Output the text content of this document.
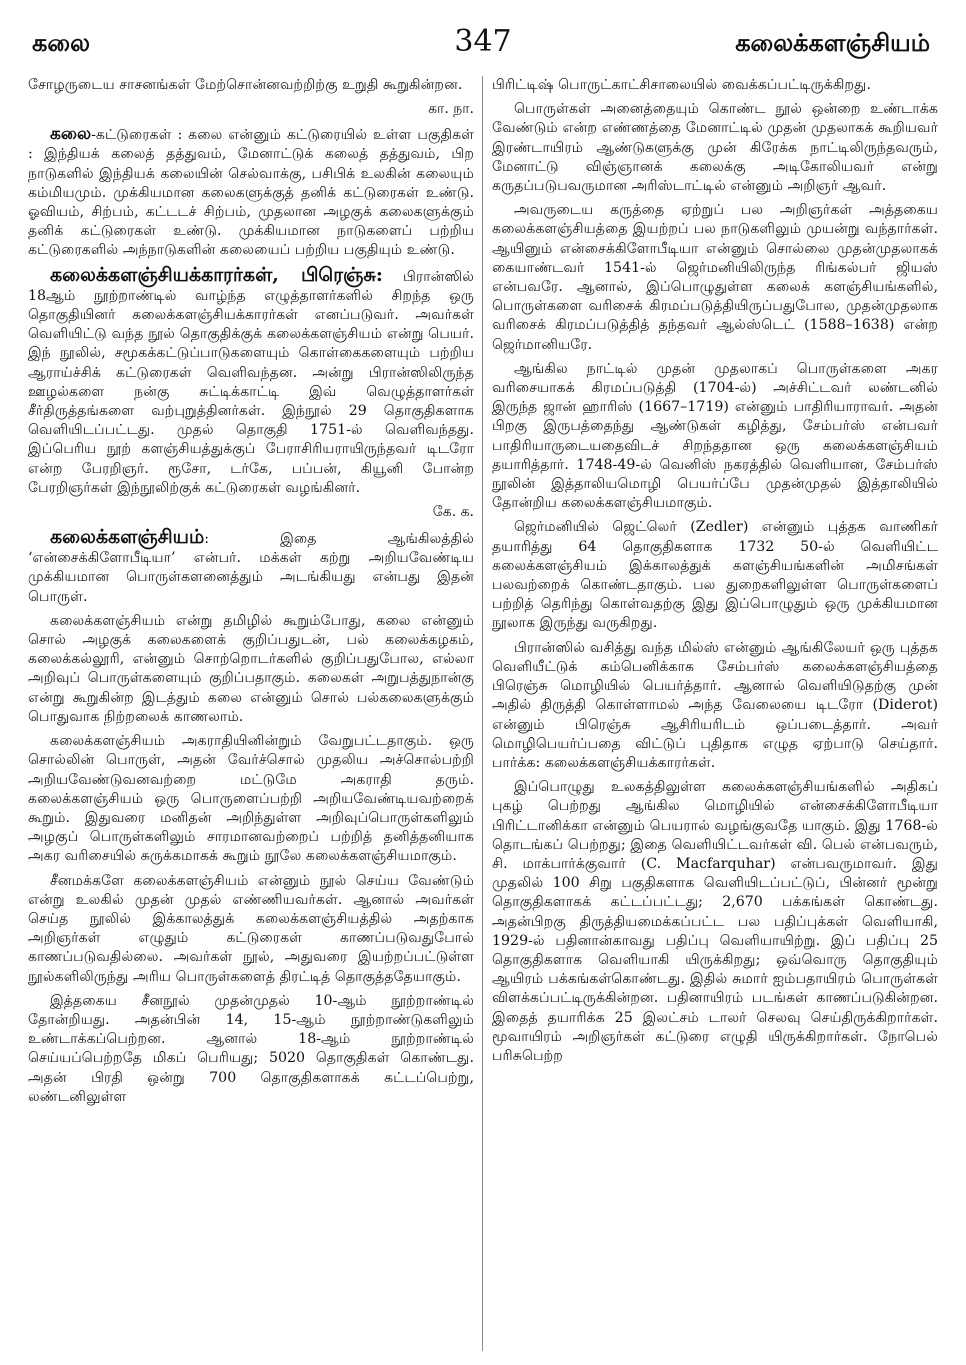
கலை	347	கலைக்களஞ்சியம்

சோழருடைய சாசனங்கள் மேற்சொன்னவற்றிற்கு உறுதி கூறுகின்றன.

கா. நா.

கலை-கட்டுரைகள் : கலை என்னும் கட்டுரையில் உள்ள பகுதிகள் : இந்தியக் கலைத் தத்துவம், மேனாட்டுக் கலைத் தத்துவம், பிற நாடுகளில் இந்தியக் கலையின் செல்வாக்கு, பசிபிக் உலகின் கலையும் கம்மியமும். முக்கியமான கலைகளுக்குத் தனிக் கட்டுரைகள் உண்டு. ஓவியம், சிற்பம், கட்டடச் சிற்பம், முதலான அழகுக் கலைகளுக்கும் தனிக் கட்டுரைகள் உண்டு. முக்கியமான நாடுகளைப் பற்றிய கட்டுரைகளில் அந்நாடுகளின் கலையைப் பற்றிய பகுதியும் உண்டு.

கலைக்களஞ்சியக்காரர்கள், பிரெஞ்சு: பிரான்ஸில் 18ஆம் நூற்றாண்டில் வாழ்ந்த எழுத்தாளர்களில் சிறந்த ஒரு தொகுதியினர் கலைக்களஞ்சியக்காரர்கள் எனப்படுவர். அவர்கள் வெளியிட்டு வந்த நூல் தொகுதிக்குக் கலைக்களஞ்சியம் என்று பெயர். இந் நூலில், சமூகக்கட்டுப்பாடுகளையும் கொள்கைகளையும் பற்றிய ஆராய்ச்சிக் கட்டுரைகள் வெளிவந்தன. அன்று பிரான்ஸிலிருந்த ஊழல்களை நன்கு சுட்டிக்காட்டி இவ் வெழுத்தாளர்கள் சீர்திருத்தங்களை வற்புறுத்தினர்கள். இந்நூல் 29 தொகுதிகளாக வெளியிடப்பட்டது. முதல் தொகுதி 1751-ல் வெளிவந்தது. இப்பெரிய நூற் களஞ்சியத்துக்குப் பேராசிரியராயிருந்தவர் டிடரோ என்ற பேரறிஞர். ரூசோ, டர்கே, பப்பன், கியூனி போன்ற பேரறிஞர்கள் இந்நூலிற்குக் கட்டுரைகள் வழங்கினர்.

கே. க.

கலைக்களஞ்சியம்: இதை ஆங்கிலத்தில் ‘என்சைக்கிளோபீடியா’ என்பர். மக்கள் கற்று அறியவேண்டிய முக்கியமான பொருள்களனைத்தும் அடங்கியது என்பது இதன் பொருள்.

கலைக்களஞ்சியம் என்று தமிழில் கூறும்போது, கலை என்னும் சொல் அழகுக் கலைகளைக் குறிப்பதுடன், பல் கலைக்கழகம், கலைக்கல்லூரி, என்னும் சொற்றொடர்களில் குறிப்பதுபோல, எல்லா அறிவுப் பொருள்களையும் குறிப்பதாகும். கலைகள் அறுபத்துநான்கு என்று கூறுகின்ற இடத்தும் கலை என்னும் சொல் பல்கலைகளுக்கும் பொதுவாக நிற்றலைக் காணலாம்.

கலைக்களஞ்சியம் அகராதியினின்றும் வேறுபட்டதாகும். ஒரு சொல்லின் பொருள், அதன் வேர்ச்சொல் முதலிய அச்சொல்பற்றி அறியவேண்டுவனவற்றை மட்டுமே அகராதி தரும். கலைக்களஞ்சியம் ஒரு பொருளைப்பற்றி அறியவேண்டியவற்றைக் கூறும். இதுவரை மனிதன் அறிந்துள்ள அறிவுப்பொருள்களிலும் அழகுப் பொருள்களிலும் சாரமானவற்றைப் பற்றித் தனித்தனியாக அகர வரிசையில் சுருக்கமாகக் கூறும் நூலே கலைக்களஞ்சியமாகும்.

சீனமக்களே கலைக்களஞ்சியம் என்னும் நூல் செய்ய வேண்டும் என்று உலகில் முதன் முதல் எண்ணியவர்கள். ஆனால் அவர்கள் செய்த நூலில் இக்காலத்துக் கலைக்களஞ்சியத்தில் அதற்காக அறிஞர்கள் எழுதும் கட்டுரைகள் காணப்படுவதுபோல் காணப்படுவதில்லை. அவர்கள் நூல், அதுவரை இயற்றப்பட்டுள்ள நூல்களிலிருந்து அரிய பொருள்களைத் திரட்டித் தொகுத்ததேயாகும்.

இத்தகைய சீனநூல் முதன்முதல் 10-ஆம் நூற்றாண்டில் தோன்றியது. அதன்பின் 14, 15-ஆம் நூற்றாண்டுகளிலும் உண்டாக்கப்பெற்றன. ஆனால் 18-ஆம் நூற்றாண்டில் செய்யப்பெற்றதே மிகப் பெரியது; 5020 தொகுதிகள் கொண்டது. அதன் பிரதி ஒன்று 700 தொகுதிகளாகக் கட்டப்பெற்று, லண்டனிலுள்ள

பிரிட்டிஷ் பொருட்காட்சிசாலையில் வைக்கப்பட்டிருக்கிறது.

பொருள்கள் அனைத்தையும் கொண்ட நூல் ஒன்றை உண்டாக்க வேண்டும் என்ற எண்ணத்தை மேனாட்டில் முதன் முதலாகக் கூறியவர் இரண்டாயிரம் ஆண்டுகளுக்கு முன் கிரேக்க நாட்டிலிருந்தவரும், மேனாட்டு விஞ்ஞானக் கலைக்கு அடிகோலியவர் என்று கருதப்படுபவருமான அரிஸ்டாட்டில் என்னும் அறிஞர் ஆவர்.

அவருடைய கருத்தை ஏற்றுப் பல அறிஞர்கள் அத்தகைய கலைக்களஞ்சியத்தை இயற்றப் பல நாடுகளிலும் முயன்று வந்தார்கள். ஆயினும் என்சைக்கிளோபீடியா என்னும் சொல்லை முதன்முதலாகக் கையாண்டவர் 1541-ல் ஜெர்மனியிலிருந்த ரிங்கல்பர் ஜியஸ் என்பவரே. ஆனால், இப்பொழுதுள்ள கலைக் களஞ்சியங்களில், பொருள்களை வரிசைக் கிரமப்படுத்தியிருப்பதுபோல, முதன்முதலாக வரிசைக் கிரமப்படுத்தித் தந்தவர் ஆல்ஸ்டெட் (1588–1638) என்ற ஜெர்மானியரே.

ஆங்கில நாட்டில் முதன் முதலாகப் பொருள்களை அகர வரிசையாகக் கிரமப்படுத்தி (1704-ல்) அச்சிட்டவர் லண்டனில் இருந்த ஜான் ஹாரிஸ் (1667–1719) என்னும் பாதிரியாராவர். அதன் பிறகு இருபத்தைந்து ஆண்டுகள் கழித்து, சேம்பர்ஸ் என்பவர் பாதிரியாருடையதைவிடச் சிறந்ததான ஒரு கலைக்களஞ்சியம் தயாரித்தார். 1748-49-ல் வெனிஸ் நகரத்தில் வெளியான, சேம்பர்ஸ் நூலின் இத்தாலியமொழி பெயர்ப்பே முதன்முதல் இத்தாலியில் தோன்றிய கலைக்களஞ்சியமாகும்.

ஜெர்மனியில் ஜெட்லெர் (Zedler) என்னும் புத்தக வாணிகர் தயாரித்து 64 தொகுதிகளாக 1732 50-ல் வெளியிட்ட கலைக்களஞ்சியம் இக்காலத்துக் களஞ்சியங்களின் அமிசங்கள் பலவற்றைக் கொண்டதாகும். பல துறைகளிலுள்ள பொருள்களைப் பற்றித் தெரிந்து கொள்வதற்கு இது இப்பொழுதும் ஒரு முக்கியமான நூலாக இருந்து வருகிறது.

பிரான்ஸில் வசித்து வந்த மில்ஸ் என்னும் ஆங்கிலேயர் ஒரு புத்தக வெளியீட்டுக் கம்பெனிக்காக சேம்பர்ஸ் கலைக்களஞ்சியத்தை பிரெஞ்சு மொழியில் பெயர்த்தார். ஆனால் வெளியிடுதற்கு முன் அதில் திருத்தி கொள்ளாமல் அந்த வேலையை டிடரோ (Diderot) என்னும் பிரெஞ்சு ஆசிரியரிடம் ஒப்படைத்தார். அவர் மொழிபெயர்ப்பதை விட்டுப் புதிதாக எழுத ஏற்பாடு செய்தார். பார்க்க: கலைக்களஞ்சியக்காரர்கள்.

இப்பொழுது உலகத்திலுள்ள கலைக்களஞ்சியங்களில் அதிகப் புகழ் பெற்றது ஆங்கில மொழியில் என்சைக்கிளோபீடியா பிரிட்டானிக்கா என்னும் பெயரால் வழங்குவதே யாகும். இது 1768-ல் தொடங்கப் பெற்றது; இதை வெளியிட்டவர்கள் வி. பெல் என்பவரும், சி. மாக்பார்க்குவார் (C. Macfarquhar) என்பவருமாவர். இது முதலில் 100 சிறு பகுதிகளாக வெளியிடப்பட்டுப், பின்னர் மூன்று தொகுதிகளாகக் கட்டப்பட்டது; 2,670 பக்கங்கள் கொண்டது. அதன்பிறகு திருத்தியமைக்கப்பட்ட பல பதிப்புக்கள் வெளியாகி, 1929-ல் பதினான்காவது பதிப்பு வெளியாயிற்று. இப் பதிப்பு 25 தொகுதிகளாக வெளியாகி யிருக்கிறது; ஒவ்வொரு தொகுதியும் ஆயிரம் பக்கங்கள்கொண்டது. இதில் சுமார் ஐம்பதாயிரம் பொருள்கள் விளக்கப்பட்டிருக்கின்றன. பதினாயிரம் படங்கள் காணப்படுகின்றன. இதைத் தயாரிக்க 25 இலட்சம் டாலர் செலவு செய்திருக்கிறார்கள். மூவாயிரம் அறிஞர்கள் கட்டுரை எழுதி யிருக்கிறார்கள். நோபெல் பரிசுபெற்ற
